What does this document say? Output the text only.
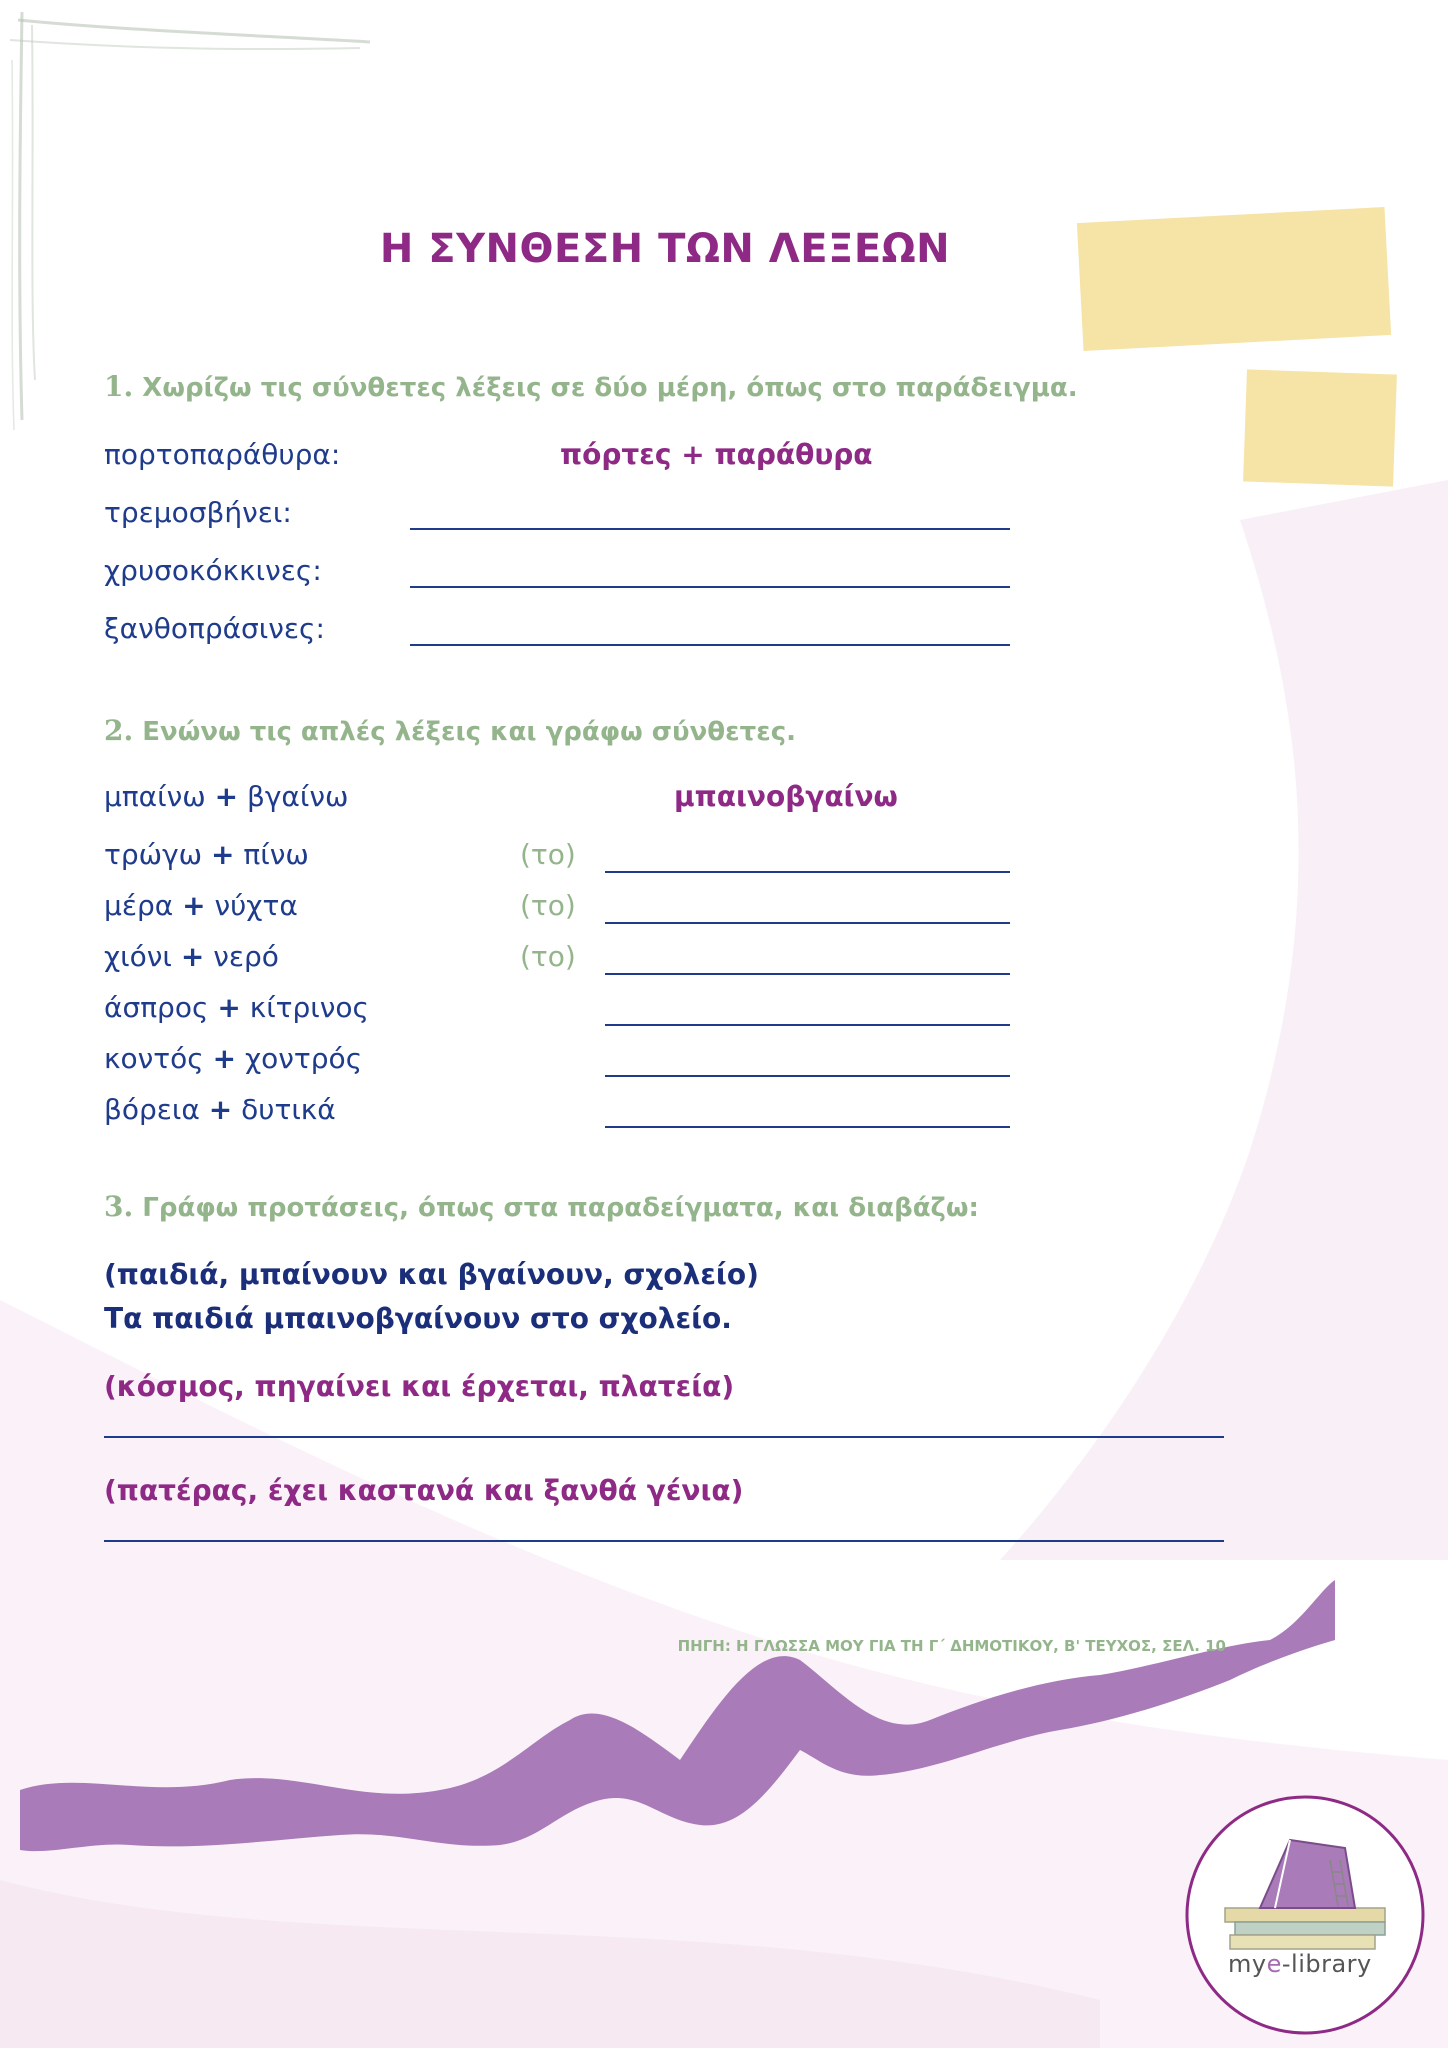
Η ΣΥΝΘΕΣΗ ΤΩΝ ΛΕΞΕΩΝ
1. Χωρίζω τις σύνθετες λέξεις σε δύο μέρη, όπως στο παράδειγμα.
πορτοπαράθυρα:	πόρτες + παράθυρα
τρεμοσβήνει:
χρυσοκόκκινες:
ξανθοπράσινες:
2. Ενώνω τις απλές λέξεις και γράφω σύνθετες.
μπαίνω + βγαίνω	μπαινοβγαίνω
τρώγω + πίνω	(το)
μέρα + νύχτα	(το)
χιόνι + νερό	(το)
άσπρος + κίτρινος
κοντός + χοντρός
βόρεια + δυτικά
3. Γράφω προτάσεις, όπως στα παραδείγματα, και διαβάζω:
(παιδιά, μπαίνουν και βγαίνουν, σχολείο)
Τα παιδιά μπαινοβγαίνουν στο σχολείο.
(κόσμος, πηγαίνει και έρχεται, πλατεία)
(πατέρας, έχει καστανά και ξανθά γένια)
ΠΗΓΗ: Η ΓΛΩΣΣΑ ΜΟΥ ΓΙΑ ΤΗ Γ΄ ΔΗΜΟΤΙΚΟΥ, Β' ΤΕΥΧΟΣ, ΣΕΛ. 10
mye-library
